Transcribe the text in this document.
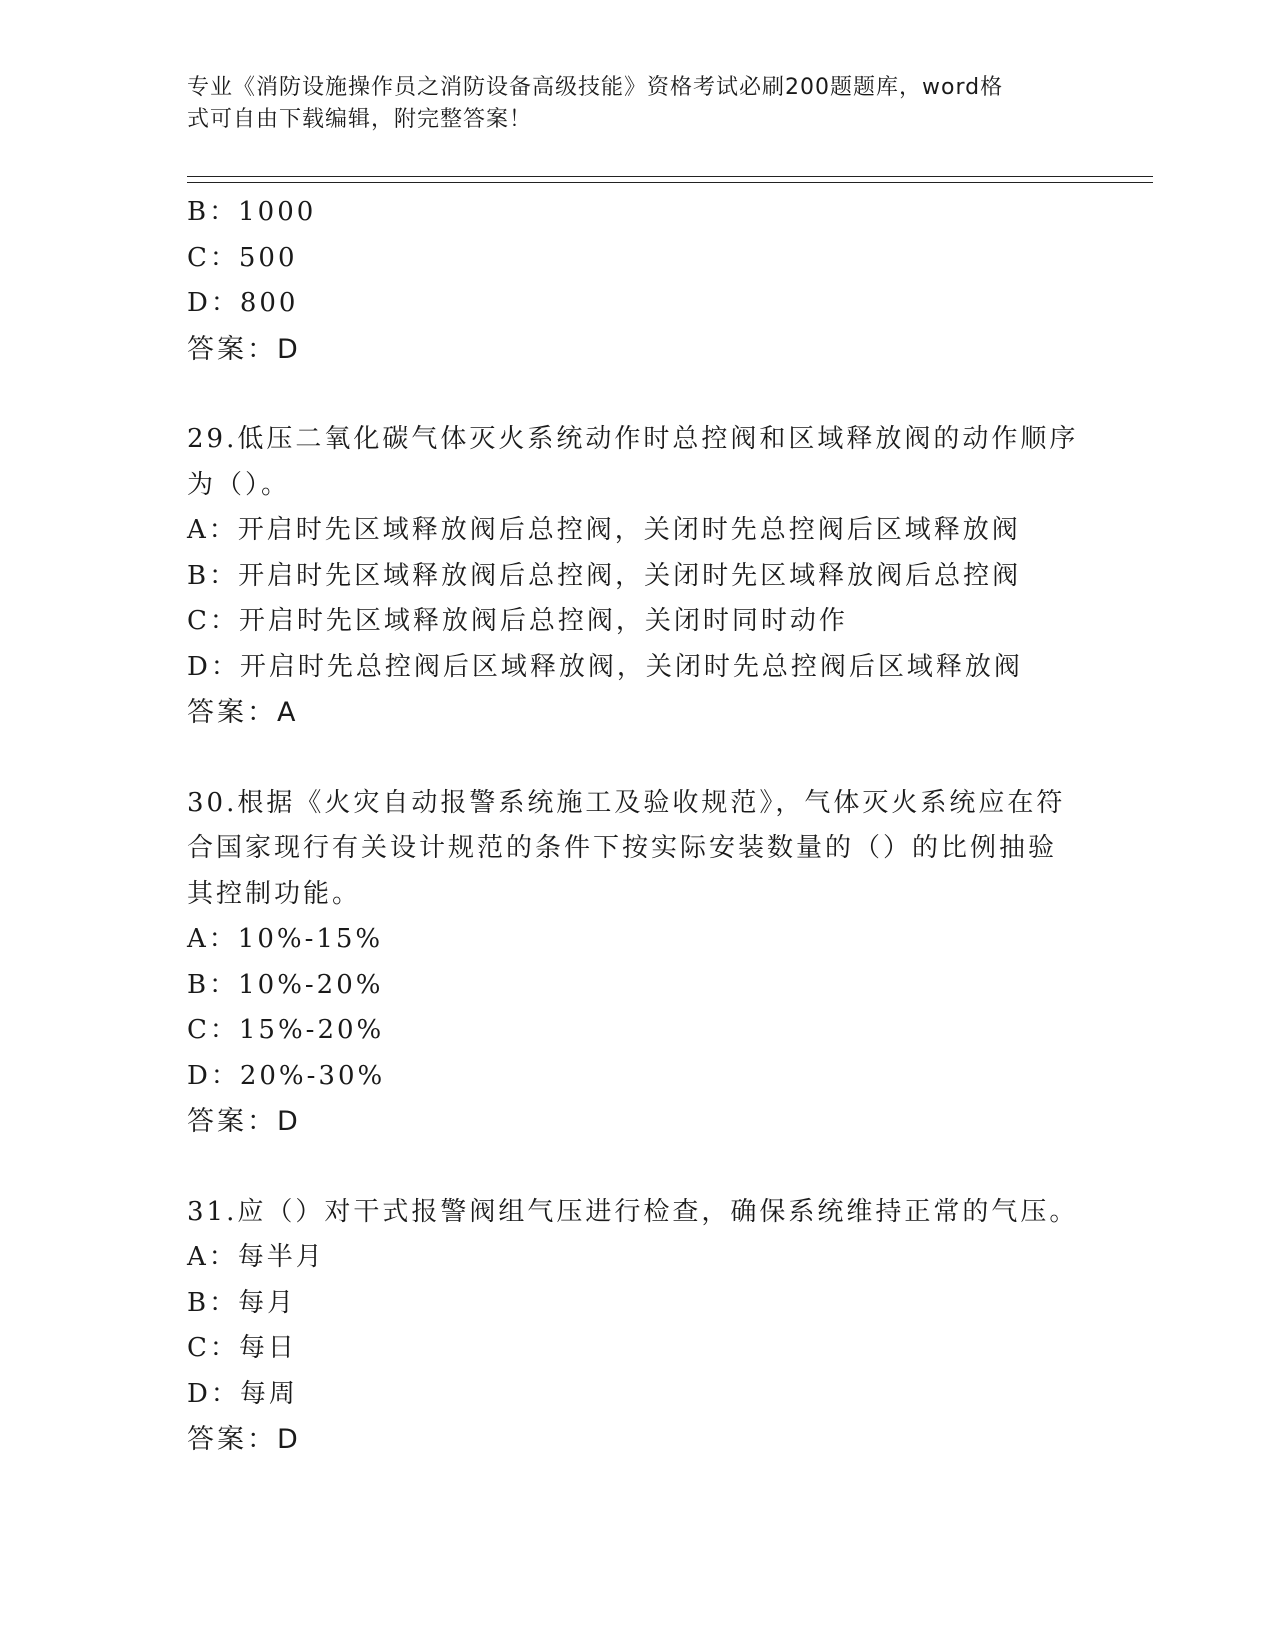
专业《消防设施操作员之消防设备高级技能》资格考试必刷200题题库，word格
式可自由下载编辑，附完整答案！
B：1000
C：500
D：800
答案：D
29.低压二氧化碳气体灭火系统动作时总控阀和区域释放阀的动作顺序
为（）。
A：开启时先区域释放阀后总控阀，关闭时先总控阀后区域释放阀
B：开启时先区域释放阀后总控阀，关闭时先区域释放阀后总控阀
C：开启时先区域释放阀后总控阀，关闭时同时动作
D：开启时先总控阀后区域释放阀，关闭时先总控阀后区域释放阀
答案：A
30.根据《火灾自动报警系统施工及验收规范》，气体灭火系统应在符
合国家现行有关设计规范的条件下按实际安装数量的（）的比例抽验
其控制功能。
A：10%-15%
B：10%-20%
C：15%-20%
D：20%-30%
答案：D
31.应（）对干式报警阀组气压进行检查，确保系统维持正常的气压。
A：每半月
B：每月
C：每日
D：每周
答案：D
